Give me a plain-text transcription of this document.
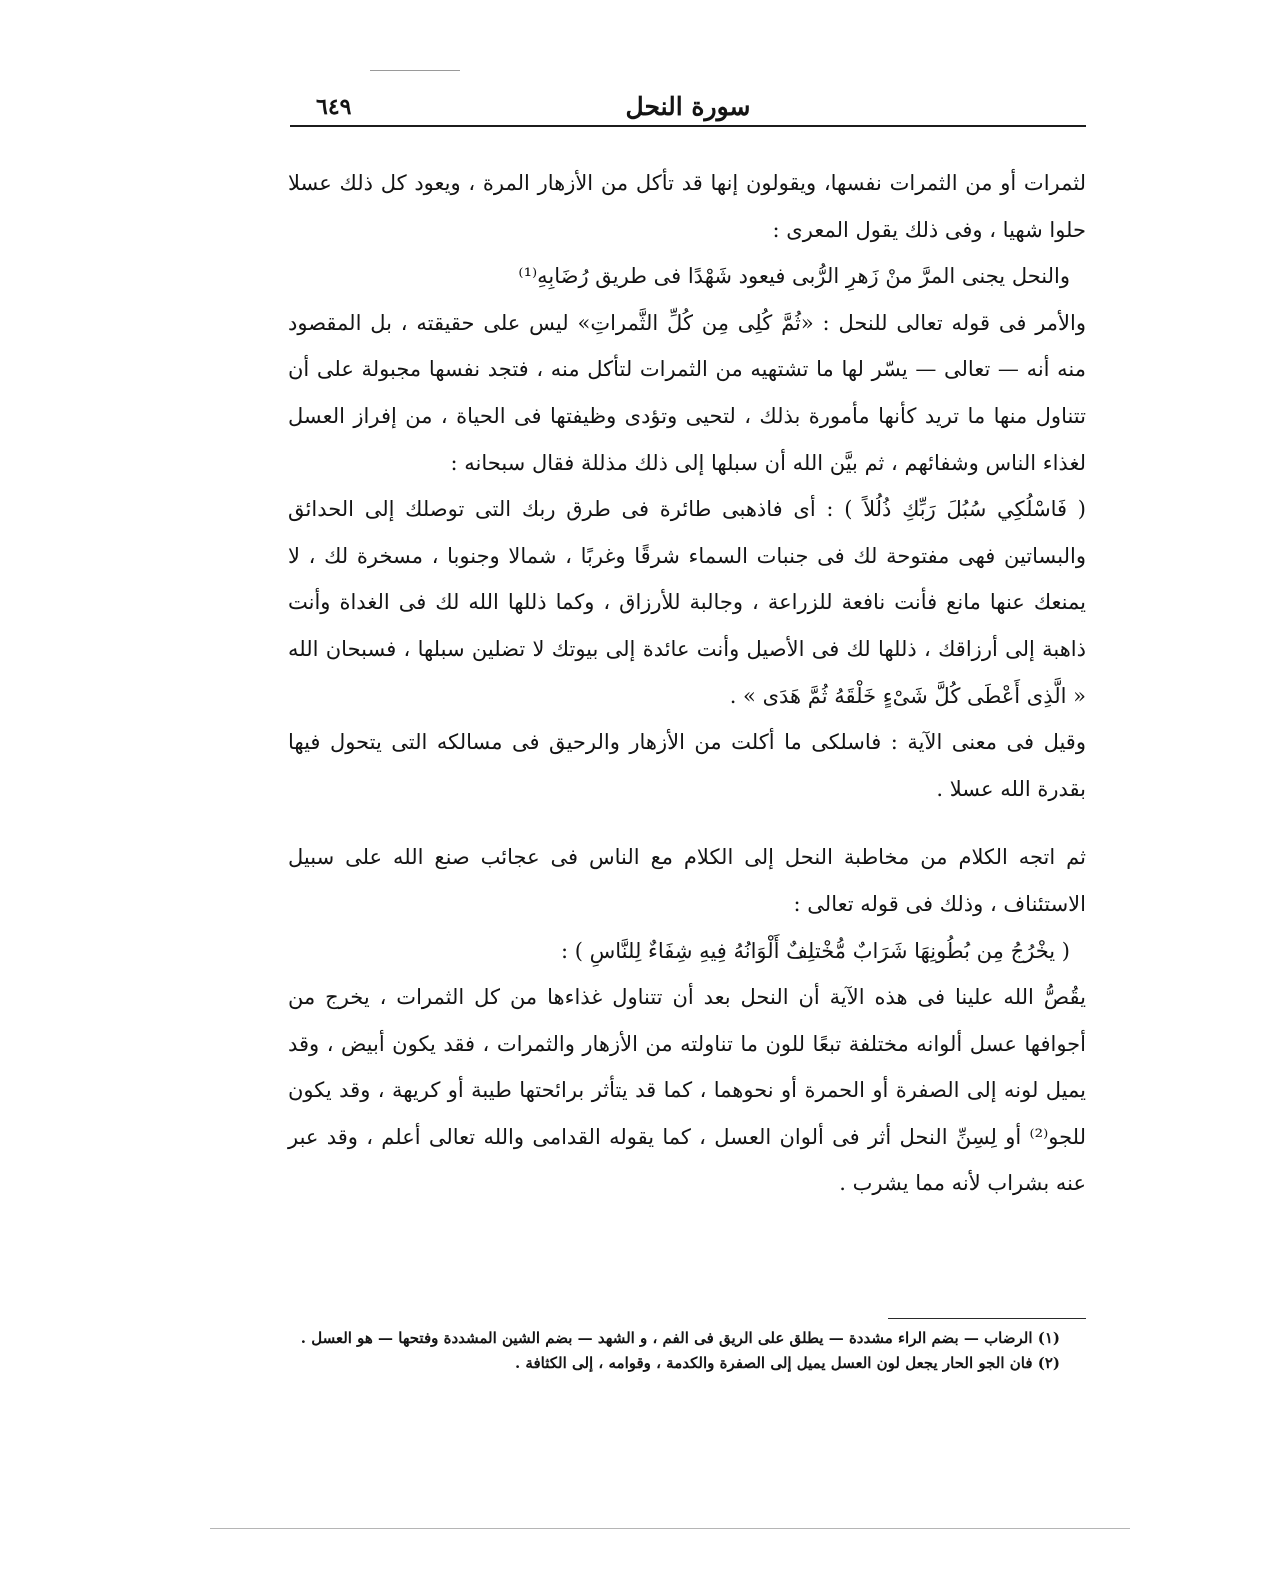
سورة النحل
٦٤٩

لثمرات أو من الثمرات نفسها، ويقولون إنها قد تأكل من الأزهار المرة ، ويعود كل ذلك عسلا حلوا شهيا ، وفى ذلك يقول المعرى :

والنحل يجنى المرَّ منْ زَهرِ الرُّبى فيعود شَهْدًا فى طريق رُضَابِهِ⁽¹⁾

والأمر فى قوله تعالى للنحل : «ثُمَّ كُلِى مِن كُلِّ الثَّمراتِ» ليس على حقيقته ، بل المقصود منه أنه — تعالى — يسّر لها ما تشتهيه من الثمرات لتأكل منه ، فتجد نفسها مجبولة على أن تتناول منها ما تريد كأنها مأمورة بذلك ، لتحيى وتؤدى وظيفتها فى الحياة ، من إفراز العسل لغذاء الناس وشفائهم ، ثم بيَّن الله أن سبلها إلى ذلك مذللة فقال سبحانه :

( فَاسْلُكِي سُبُلَ رَبِّكِ ذُلُلاً ) : أى فاذهبى طائرة فى طرق ربك التى توصلك إلى الحدائق والبساتين فهى مفتوحة لك فى جنبات السماء شرقًا وغربًا ، شمالا وجنوبا ، مسخرة لك ، لا يمنعك عنها مانع فأنت نافعة للزراعة ، وجالبة للأرزاق ، وكما ذللها الله لك فى الغداة وأنت ذاهبة إلى أرزاقك ، ذللها لك فى الأصيل وأنت عائدة إلى بيوتك لا تضلين سبلها ، فسبحان الله « الَّذِى أَعْطَى كُلَّ شَىْءٍ خَلْقَهُ ثُمَّ هَدَى » .

وقيل فى معنى الآية : فاسلكى ما أكلت من الأزهار والرحيق فى مسالكه التى يتحول فيها بقدرة الله عسلا .

ثم اتجه الكلام من مخاطبة النحل إلى الكلام مع الناس فى عجائب صنع الله على سبيل الاستئناف ، وذلك فى قوله تعالى :

( يخْرُجُ مِن بُطُونِهَا شَرَابٌ مُّخْتلِفٌ أَلْوَانُهُ فِيهِ شِفَاءٌ لِلنَّاسِ ) :

يقُصُّ الله علينا فى هذه الآية أن النحل بعد أن تتناول غذاءها من كل الثمرات ، يخرج من أجوافها عسل ألوانه مختلفة تبعًا للون ما تناولته من الأزهار والثمرات ، فقد يكون أبيض ، وقد يميل لونه إلى الصفرة أو الحمرة أو نحوهما ، كما قد يتأثر برائحتها طيبة أو كريهة ، وقد يكون للجو⁽²⁾ أو لِسِنِّ النحل أثر فى ألوان العسل ، كما يقوله القدامى والله تعالى أعلم ، وقد عبر عنه بشراب لأنه مما يشرب .

(١) الرضاب — بضم الراء مشددة — يطلق على الريق فى الفم ، و الشهد — بضم الشين المشددة وفتحها — هو العسل .

(٢) فان الجو الحار يجعل لون العسل يميل إلى الصفرة والكدمة ، وقوامه ، إلى الكثافة .
